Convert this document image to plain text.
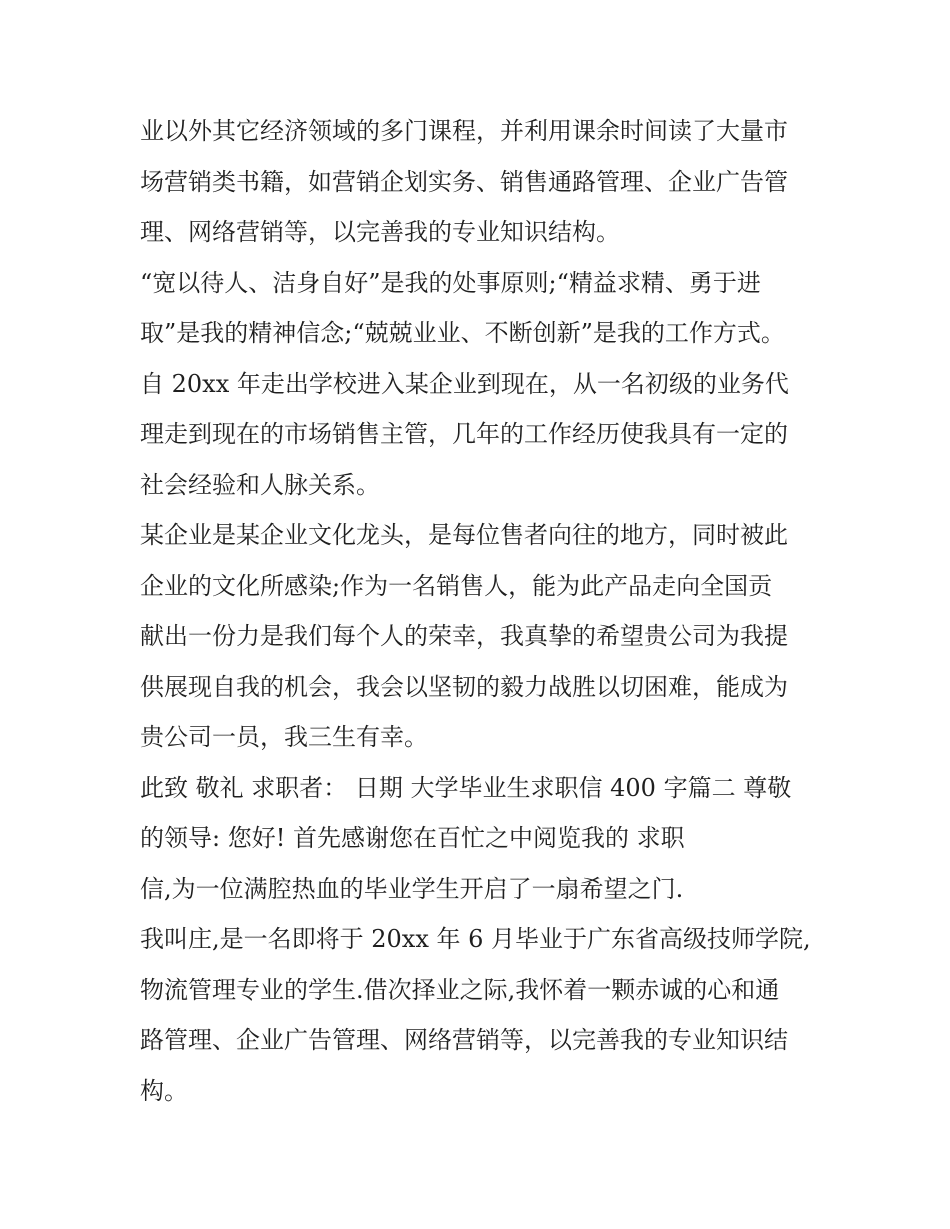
业以外其它经济领域的多门课程，并利用课余时间读了大量市
场营销类书籍，如营销企划实务、销售通路管理、企业广告管
理、网络营销等，以完善我的专业知识结构。

“宽以待人、洁身自好”是我的处事原则;“精益求精、勇于进
取”是我的精神信念;“兢兢业业、不断创新”是我的工作方式。

自 20xx 年走出学校进入某企业到现在，从一名初级的业务代
理走到现在的市场销售主管，几年的工作经历使我具有一定的
社会经验和人脉关系。

某企业是某企业文化龙头，是每位售者向往的地方，同时被此
企业的文化所感染;作为一名销售人，能为此产品走向全国贡
献出一份力是我们每个人的荣幸，我真挚的希望贵公司为我提
供展现自我的机会，我会以坚韧的毅力战胜以切困难，能成为
贵公司一员，我三生有幸。

此致 敬礼 求职者： 日期 大学毕业生求职信 400 字篇二 尊敬
的领导: 您好! 首先感谢您在百忙之中阅览我的 求职
信,为一位满腔热血的毕业学生开启了一扇希望之门.

我叫庄,是一名即将于 20xx 年 6 月毕业于广东省高级技师学院,
物流管理专业的学生.借次择业之际,我怀着一颗赤诚的心和通
路管理、企业广告管理、网络营销等，以完善我的专业知识结
构。
